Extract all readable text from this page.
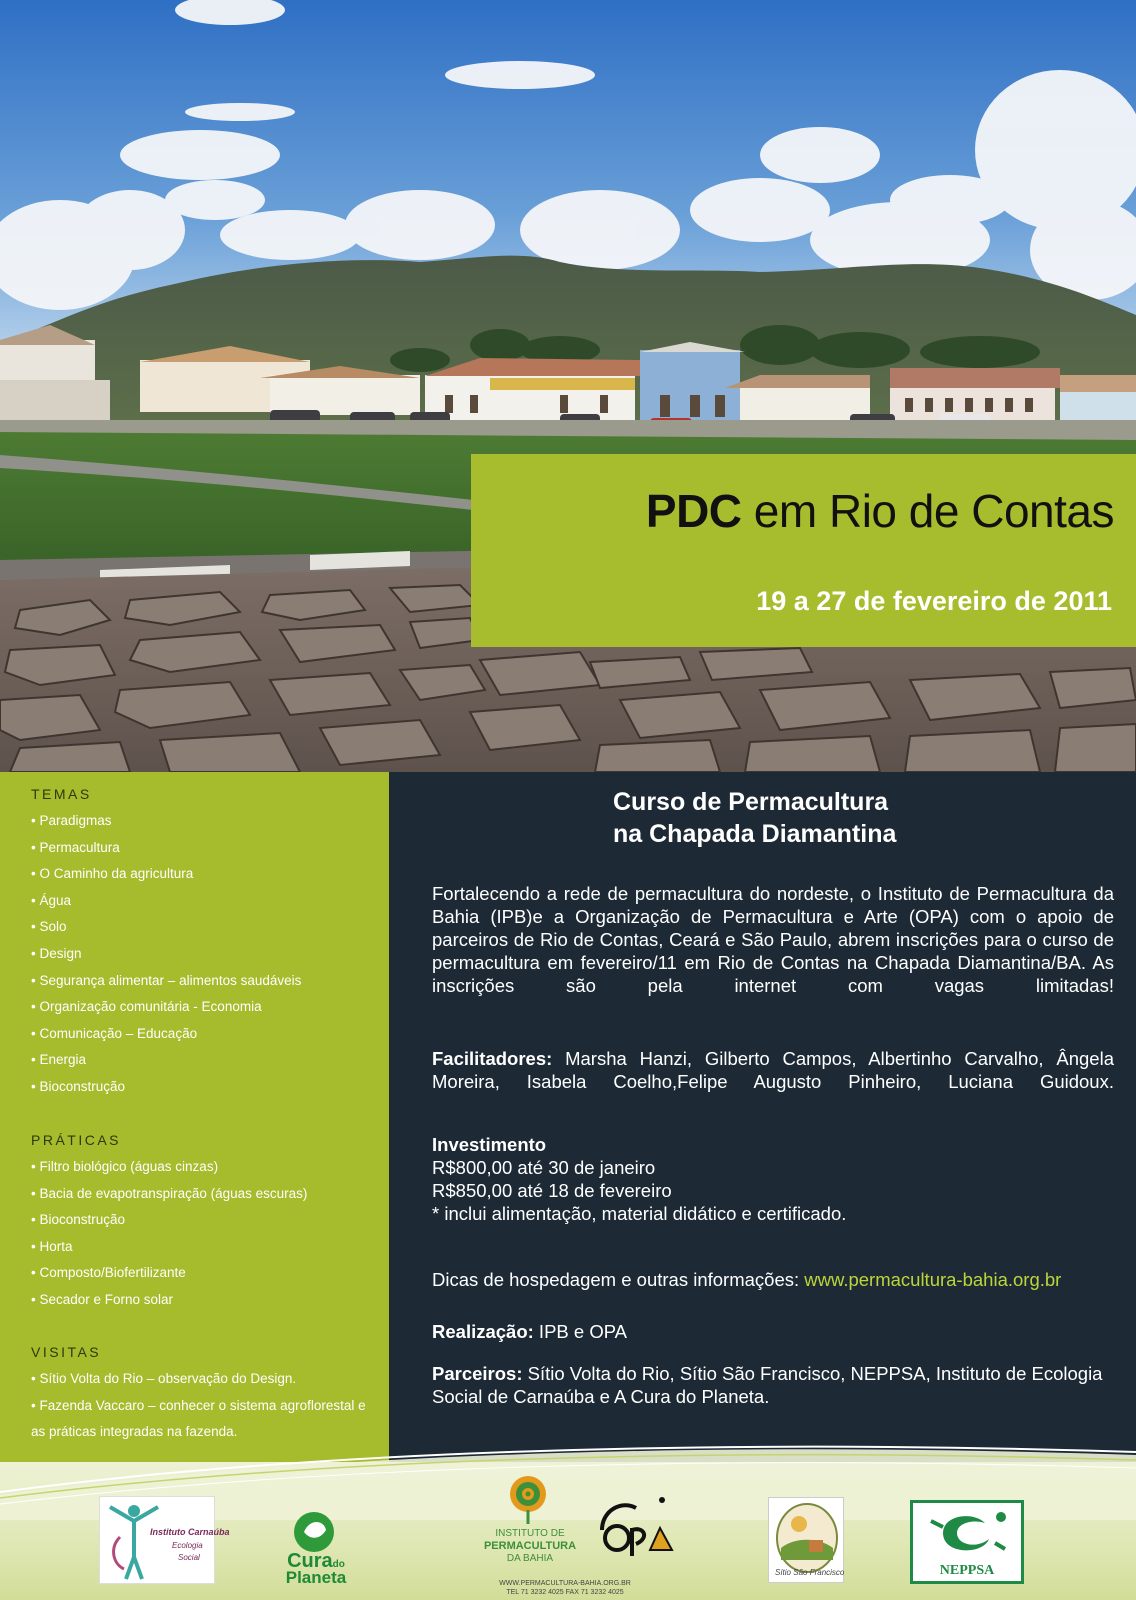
PDC em Rio de Contas
19 a 27 de fevereiro de 2011
TEMAS
• Paradigmas
• Permacultura
• O Caminho da agricultura
• Água
• Solo
• Design
• Segurança alimentar – alimentos saudáveis
• Organização comunitária - Economia
• Comunicação – Educação
• Energia
• Bioconstrução
PRÁTICAS
• Filtro biológico (águas cinzas)
• Bacia de evapotranspiração (águas escuras)
• Bioconstrução
• Horta
• Composto/Biofertilizante
• Secador e Forno solar
VISITAS
• Sítio Volta do Rio – observação do Design.
• Fazenda Vaccaro – conhecer o sistema agroflorestal e as práticas integradas na fazenda.
Curso de Permacultura
na Chapada Diamantina
Fortalecendo a rede de permacultura do nordeste, o Instituto de Permacultura da Bahia (IPB)e a Organização de Permacultura e Arte (OPA) com o apoio de parceiros de Rio de Contas, Ceará e São Paulo, abrem inscrições para o curso de permacultura em fevereiro/11 em Rio de Contas na Chapada Diamantina/BA. As inscrições são pela internet com vagas limitadas!
Facilitadores: Marsha Hanzi, Gilberto Campos, Albertinho Carvalho, Ângela Moreira, Isabela Coelho,Felipe Augusto Pinheiro, Luciana Guidoux.
Investimento
R$800,00 até 30 de janeiro
R$850,00 até 18 de fevereiro
* inclui alimentação, material didático e certificado.
Dicas de hospedagem e outras informações: www.permacultura-bahia.org.br
Realização: IPB e OPA
Parceiros: Sítio Volta do Rio, Sítio São Francisco, NEPPSA, Instituto de Ecologia Social de Carnaúba e A Cura do Planeta.
Instituto Carnaúba
Ecologia
Social	Curado
Planeta
INSTITUTO DE
PERMACULTURA
DA BAHIA
WWW.PERMACULTURA-BAHIA.ORG.BR
TEL 71 3232 4025 FAX 71 3232 4025
Sítio São Francisco	NEPPSA
